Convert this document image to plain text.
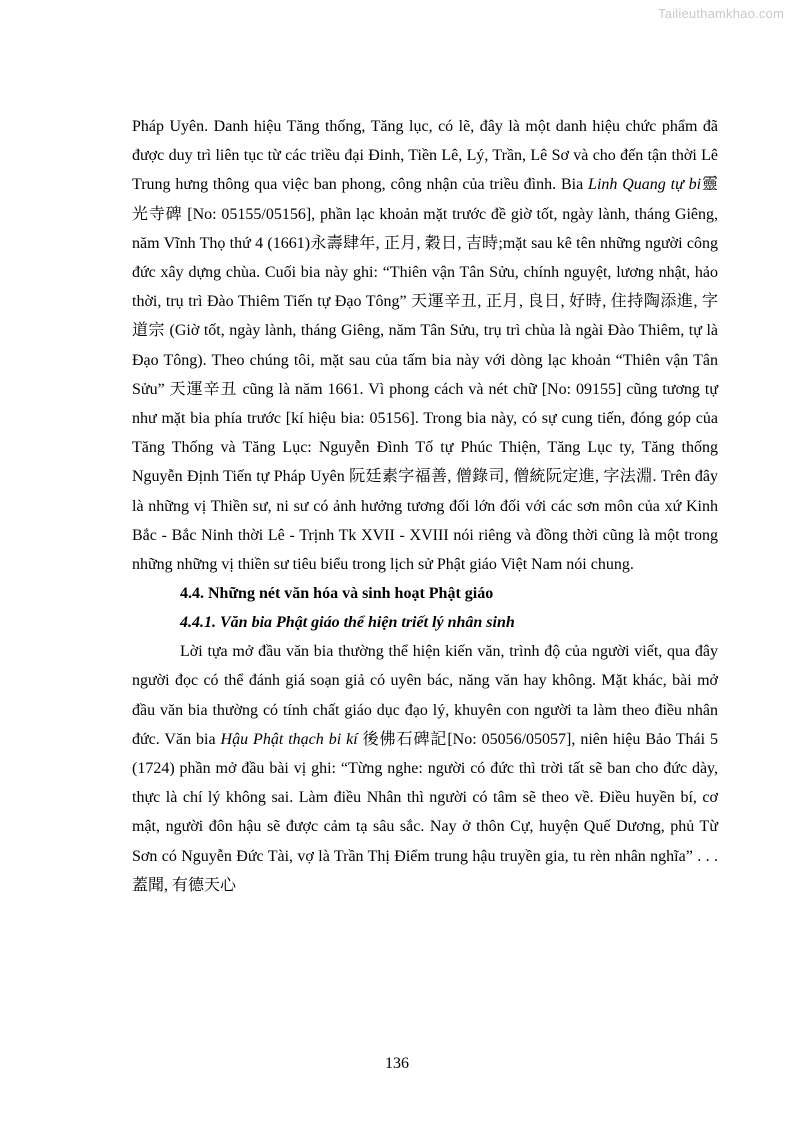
Tailieuthamkhao.com

Pháp Uyên. Danh hiệu Tăng thống, Tăng lục, có lẽ, đây là một danh hiệu chức phẩm đã được duy trì liên tục từ các triều đại Đinh, Tiền Lê, Lý, Trần, Lê Sơ và cho đến tận thời Lê Trung hưng thông qua việc ban phong, công nhận của triều đình. Bia Linh Quang tự bi靈光寺碑 [No: 05155/05156], phần lạc khoản mặt trước đề giờ tốt, ngày lành, tháng Giêng, năm Vĩnh Thọ thứ 4 (1661)永壽肆年, 正月, 穀日, 吉時;mặt sau kê tên những người công đức xây dựng chùa. Cuối bia này ghi: “Thiên vận Tân Sửu, chính nguyệt, lương nhật, hảo thời, trụ trì Đào Thiêm Tiến tự Đạo Tông” 天運辛丑, 正月, 良日, 好時, 住持陶添進, 字道宗 (Giờ tốt, ngày lành, tháng Giêng, năm Tân Sửu, trụ trì chùa là ngài Đào Thiêm, tự là Đạo Tông). Theo chúng tôi, mặt sau của tấm bia này với dòng lạc khoản “Thiên vận Tân Sửu” 天運辛丑 cũng là năm 1661. Vì phong cách và nét chữ [No: 09155] cũng tương tự như mặt bia phía trước [kí hiệu bia: 05156]. Trong bia này, có sự cung tiến, đóng góp của Tăng Thống và Tăng Lục: Nguyễn Đình Tố tự Phúc Thiện, Tăng Lục ty, Tăng thống Nguyễn Định Tiến tự Pháp Uyên 阮廷素字福善, 僧錄司, 僧統阮定進, 字法淵. Trên đây là những vị Thiền sư, ni sư có ảnh hưởng tương đối lớn đối với các sơn môn của xứ Kinh Bắc - Bắc Ninh thời Lê - Trịnh Tk XVII - XVIII nói riêng và đồng thời cũng là một trong những những vị thiền sư tiêu biểu trong lịch sử Phật giáo Việt Nam nói chung.

4.4. Những nét văn hóa và sinh hoạt Phật giáo

4.4.1. Văn bia Phật giáo thể hiện triết lý nhân sinh

Lời tựa mở đầu văn bia thường thể hiện kiến văn, trình độ của người viết, qua đây người đọc có thể đánh giá soạn giả có uyên bác, năng văn hay không. Mặt khác, bài mở đầu văn bia thường có tính chất giáo dục đạo lý, khuyên con người ta làm theo điều nhân đức. Văn bia Hậu Phật thạch bi kí 後佛石碑記[No: 05056/05057], niên hiệu Bảo Thái 5 (1724) phần mở đầu bài vị ghi: “Từng nghe: người có đức thì trời tất sẽ ban cho đức dày, thực là chí lý không sai. Làm điều Nhân thì người có tâm sẽ theo về. Điều huyền bí, cơ mật, người đôn hậu sẽ được cảm tạ sâu sắc. Nay ở thôn Cự, huyện Quế Dương, phủ Từ Sơn có Nguyễn Đức Tài, vợ là Trần Thị Điểm trung hậu truyền gia, tu rèn nhân nghĩa” . . . 蓋聞, 有德天心

136
